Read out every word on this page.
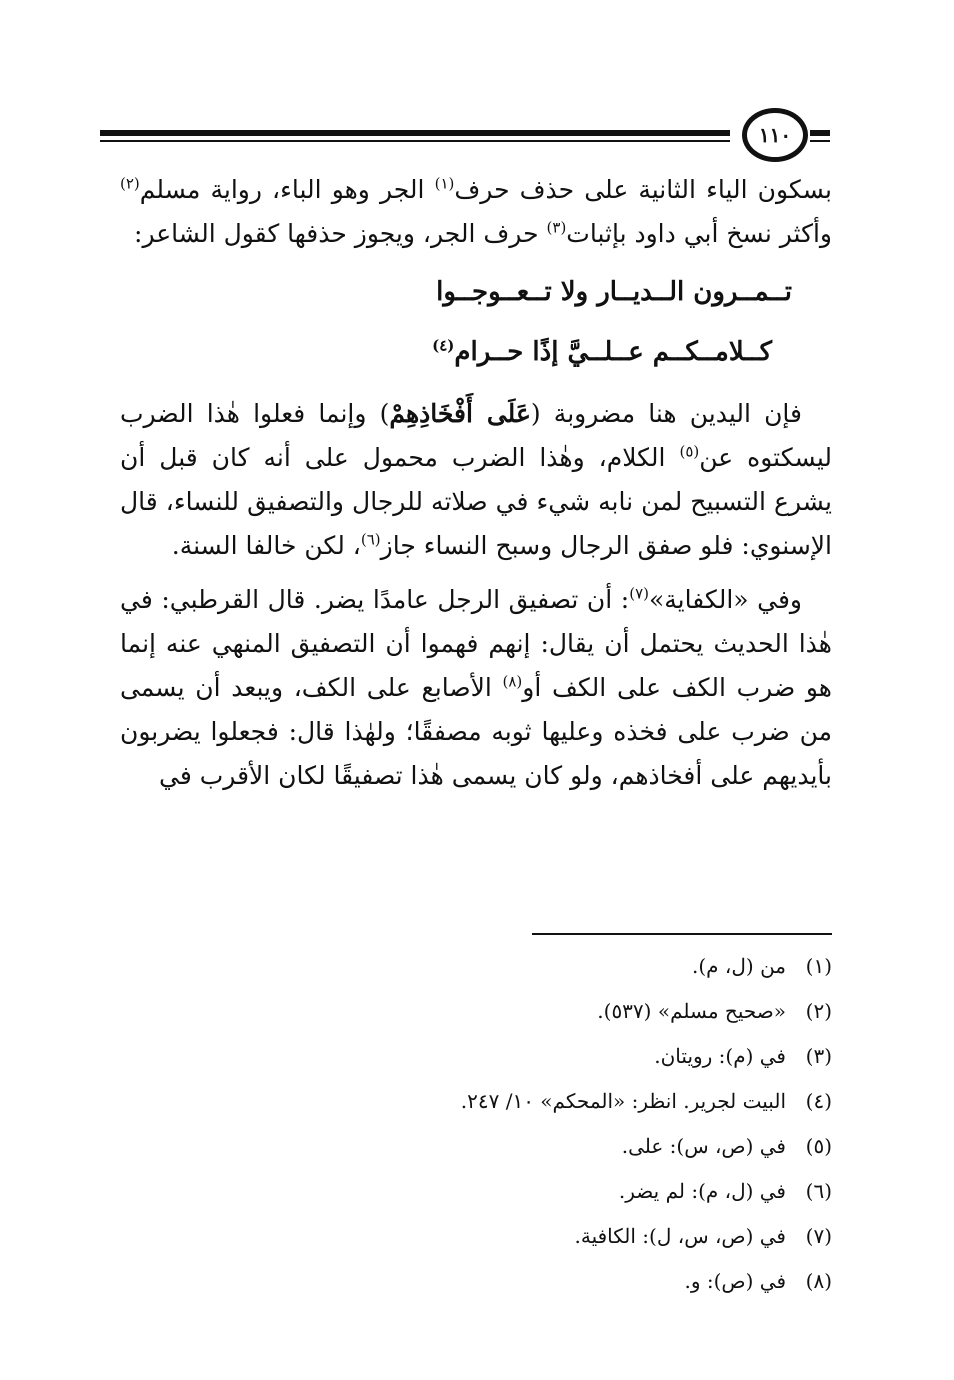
١١٠

بسكون الياء الثانية على حذف حرف$^{(١)}$ الجر وهو الباء، رواية مسلم$^{(٢)}$ وأكثر نسخ أبي داود بإثبات$^{(٣)}$ حرف الجر، ويجوز حذفها كقول الشاعر:

تــمــرون الــديــار ولا تــعــوجــوا
كــلامــكــم عــلــيَّ إذًا حــرام$^{(٤)}$

فإن اليدين هنا مضروبة (عَلَى أَفْخَاذِهِمْ) وإنما فعلوا هٰذا الضرب ليسكتوه عن$^{(٥)}$ الكلام، وهٰذا الضرب محمول على أنه كان قبل أن يشرع التسبيح لمن نابه شيء في صلاته للرجال والتصفيق للنساء، قال الإسنوي: فلو صفق الرجال وسبح النساء جاز$^{(٦)}$، لكن خالفا السنة.

وفي «الكفاية»$^{(٧)}$: أن تصفيق الرجل عامدًا يضر. قال القرطبي: في هٰذا الحديث يحتمل أن يقال: إنهم فهموا أن التصفيق المنهي عنه إنما هو ضرب الكف على الكف أو$^{(٨)}$ الأصابع على الكف، ويبعد أن يسمى من ضرب على فخذه وعليها ثوبه مصفقًا؛ ولهٰذا قال: فجعلوا يضربون بأيديهم على أفخاذهم، ولو كان يسمى هٰذا تصفيقًا لكان الأقرب في

(١)من (ل، م).
(٢)«صحيح مسلم» (٥٣٧).
(٣)في (م): رويتان.
(٤)البيت لجرير. انظر: «المحكم» ١٠/ ٢٤٧.
(٥)في (ص، س): على.
(٦)في (ل، م): لم يضر.
(٧)في (ص، س، ل): الكافية.
(٨)في (ص): و.
